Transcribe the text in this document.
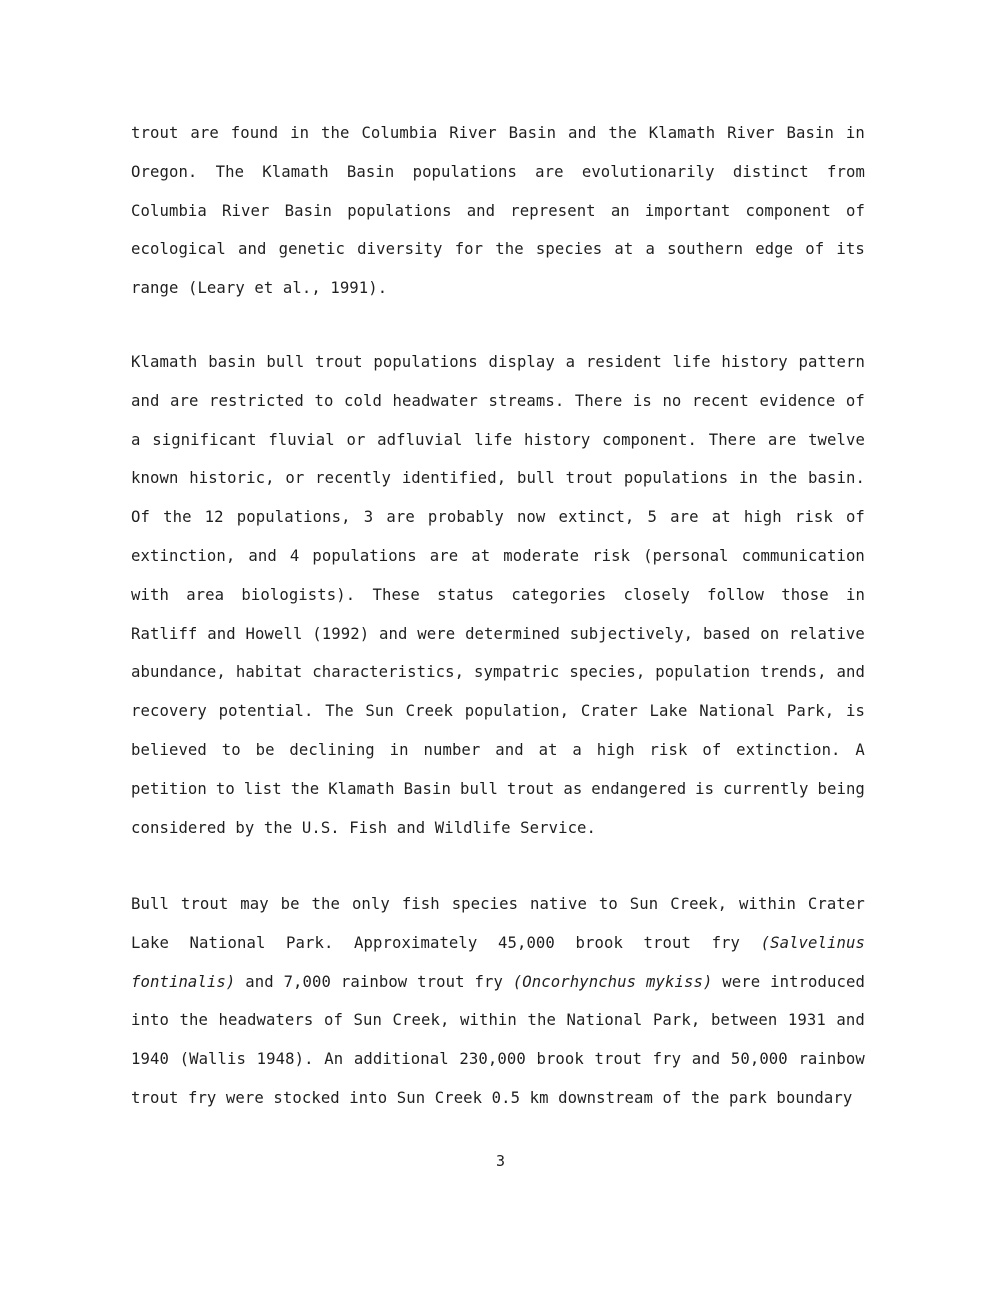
trout are found in the Columbia River Basin and the Klamath River Basin in
Oregon. The Klamath Basin populations are evolutionarily distinct from
Columbia River Basin populations and represent an important component of
ecological and genetic diversity for the species at a southern edge of its
range (Leary et al., 1991).
Klamath basin bull trout populations display a resident life history pattern
and are restricted to cold headwater streams. There is no recent evidence of
a significant fluvial or adfluvial life history component. There are twelve
known historic, or recently identified, bull trout populations in the basin.
Of the 12 populations, 3 are probably now extinct, 5 are at high risk of
extinction, and 4 populations are at moderate risk (personal communication
with area biologists). These status categories closely follow those in
Ratliff and Howell (1992) and were determined subjectively, based on relative
abundance, habitat characteristics, sympatric species, population trends, and
recovery potential. The Sun Creek population, Crater Lake National Park, is
believed to be declining in number and at a high risk of extinction. A
petition to list the Klamath Basin bull trout as endangered is currently being
considered by the U.S. Fish and Wildlife Service.
Bull trout may be the only fish species native to Sun Creek, within Crater
Lake National Park. Approximately 45,000 brook trout fry (Salvelinus
fontinalis) and 7,000 rainbow trout fry (Oncorhynchus mykiss) were introduced
into the headwaters of Sun Creek, within the National Park, between 1931 and
1940 (Wallis 1948). An additional 230,000 brook trout fry and 50,000 rainbow
trout fry were stocked into Sun Creek 0.5 km downstream of the park boundary
3
